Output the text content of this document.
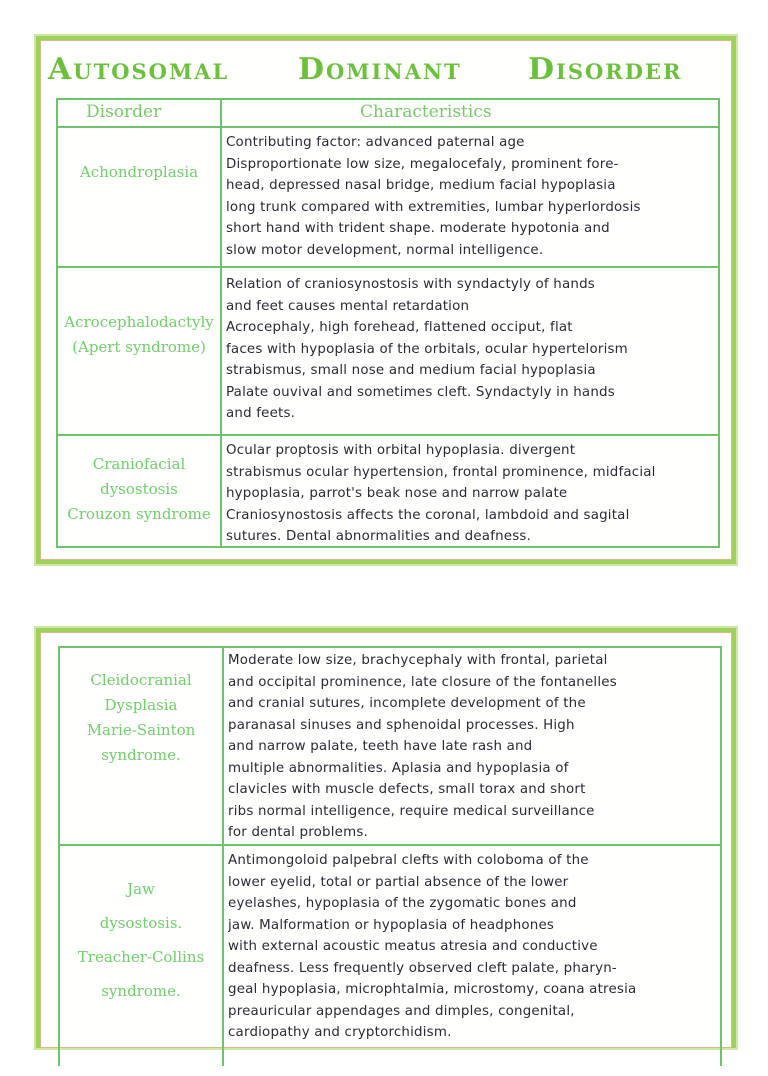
Autosomal Dominant Disorder
Disorder	Characteristics
Achondroplasia
Contributing factor: advanced paternal age
Disproportionate low size, megalocefaly, prominent fore-
head, depressed nasal bridge, medium facial hypoplasia
long trunk compared with extremities, lumbar hyperlordosis
short hand with trident shape. moderate hypotonia and
slow motor development, normal intelligence.
Acrocephalodactyly
(Apert syndrome)
Relation of craniosynostosis with syndactyly of hands
and feet causes mental retardation
Acrocephaly, high forehead, flattened occiput, flat
faces with hypoplasia of the orbitals, ocular hypertelorism
strabismus, small nose and medium facial hypoplasia
Palate ouvival and sometimes cleft. Syndactyly in hands
and feets.
Craniofacial
dysostosis
Crouzon syndrome
Ocular proptosis with orbital hypoplasia. divergent
strabismus ocular hypertension, frontal prominence, midfacial
hypoplasia, parrot's beak nose and narrow palate
Craniosynostosis affects the coronal, lambdoid and sagital
sutures. Dental abnormalities and deafness.
Cleidocranial
Dysplasia
Marie-Sainton
syndrome.
Moderate low size, brachycephaly with frontal, parietal
and occipital prominence, late closure of the fontanelles
and cranial sutures, incomplete development of the
paranasal sinuses and sphenoidal processes. High
and narrow palate, teeth have late rash and
multiple abnormalities. Aplasia and hypoplasia of
clavicles with muscle defects, small torax and short
ribs normal intelligence, require medical surveillance
for dental problems.
Jaw
dysostosis.
Treacher-Collins
syndrome.
Antimongoloid palpebral clefts with coloboma of the
lower eyelid, total or partial absence of the lower
eyelashes, hypoplasia of the zygomatic bones and
jaw. Malformation or hypoplasia of headphones
with external acoustic meatus atresia and conductive
deafness. Less frequently observed cleft palate, pharyn-
geal hypoplasia, microphtalmia, microstomy, coana atresia
preauricular appendages and dimples, congenital,
cardiopathy and cryptorchidism.
